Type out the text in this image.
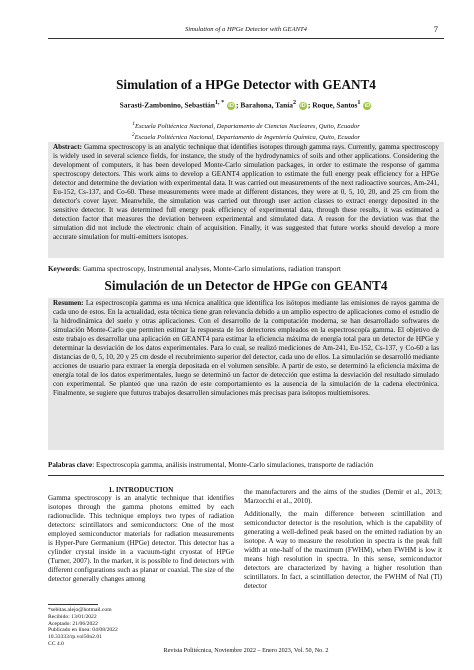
Simulation of a HPGe Detector with GEANT4	7
Simulation of a HPGe Detector with GEANT4
Sarasti-Zambonino, Sebastián$^{1, *}$ iD ; Barahona, Tanía$^2$ iD ; Roque, Santos$^1$ iD
$^1$Escuela Politécnica Nacional, Departamento de Ciencias Nucleares, Quito, Ecuador
$^2$Escuela Politécnica Nacional, Departamento de Ingeniería Química, Quito, Ecuador

Abstract: Gamma spectroscopy is an analytic technique that identifies isotopes through gamma rays. Currently, gamma spectroscopy is widely used in several science fields, for instance, the study of the hydrodynamics of soils and other applications. Considering the development of computers, it has been developed Monte-Carlo simulation packages, in order to estimate the response of gamma spectroscopy detectors. This work aims to develop a GEANT4 application to estimate the full energy peak efficiency for a HPGe detector and determine the deviation with experimental data. It was carried out measurements of the next radioactive sources, Am-241, Eu-152, Cs-137, and Co-60. These measurements were made at different distances, they were at 0, 5, 10, 20, and 25 cm from the detector's cover layer. Meanwhile, the simulation was carried out through user action classes to extract energy deposited in the sensitive detector. It was determined full energy peak efficiency of experimental data, through these results, it was estimated a detection factor that measures the deviation between experimental and simulated data. A reason for the deviation was that the simulation did not include the electronic chain of acquisition. Finally, it was suggested that future works should develop a more accurate simulation for multi-emitters isotopes.

Keywords: Gamma spectroscopy, Instrumental analyses, Monte-Carlo simulations, radiation transport
Simulación de un Detector de HPGe con GEANT4

Resumen: La espectroscopía gamma es una técnica analítica que identifica los isótopos mediante las emisiones de rayos gamma de cada uno de estos. En la actualidad, esta técnica tiene gran relevancia debido a un amplio espectro de aplicaciones como el estudio de la hidrodinámica del suelo y otras aplicaciones. Con el desarrollo de la computación moderna, se han desarrollado softwares de simulación Monte-Carlo que permiten estimar la respuesta de los detectores empleados en la espectroscopía gamma. El objetivo de este trabajo es desarrollar una aplicación en GEANT4 para estimar la eficiencia máxima de energía total para un detector de HPGe y determinar la desviación de los datos experimentales. Para lo cual, se realizó mediciones de Am-241, Eu-152, Cs-137, y Co-60 a las distancias de 0, 5, 10, 20 y 25 cm desde el recubrimiento superior del detector, cada uno de ellos. La simulación se desarrolló mediante acciones de usuario para extraer la energía depositada en el volumen sensible. A partir de esto, se determinó la eficiencia máxima de energía total de los datos experimentales, luego se determinó un factor de detección que estima la desviación del resultado simulado con experimental. Se planteó que una razón de este comportamiento es la ausencia de la simulación de la cadena electrónica. Finalmente, se sugiere que futuros trabajos desarrollen simulaciones más precisas para isótopos multiemisores.

Palabras clave: Espectroscopía gamma, análisis instrumental, Monte-Carlo simulaciones, transporte de radiación
1. INTRODUCTION

Gamma spectroscopy is an analytic technique that identifies isotopes through the gamma photons emitted by each radionuclide. This technique employs two types of radiation detectors: scintillators and semiconductors: One of the most employed semiconductor materials for radiation measurements is Hyper-Pure Germanium (HPGe) detector. This detector has a cylinder crystal inside in a vacuum-tight cryostat of HPGe (Turner, 2007). In the market, it is possible to find detectors with different configurations such as planar or coaxial. The size of the detector generally changes among

the manufacturers and the aims of the studies (Demir et al., 2013; Marzocchi et al., 2010).

Additionally, the main difference between scintillation and semiconductor detector is the resolution, which is the capability of generating a well-defined peak based on the emitted radiation by an isotope. A way to measure the resolution in spectra is the peak full width at one-half of the maximum (FWHM), when FWHM is low it means high resolution in spectra. In this sense, semiconductor detectors are characterized by having a higher resolution than scintillators. In fact, a scintillation detector, the FWHM of NaI (Tl) detector

*sebitas.alejo@hotmail.com
Recibido: 13/01/2022
Aceptado: 21/06/2022
Publicado en línea: 04/08/2022
10.33333/rp.vol50n2.01
CC 4.0
Revista Politécnica, Noviembre 2022 – Enero 2023, Vol. 50, No. 2
